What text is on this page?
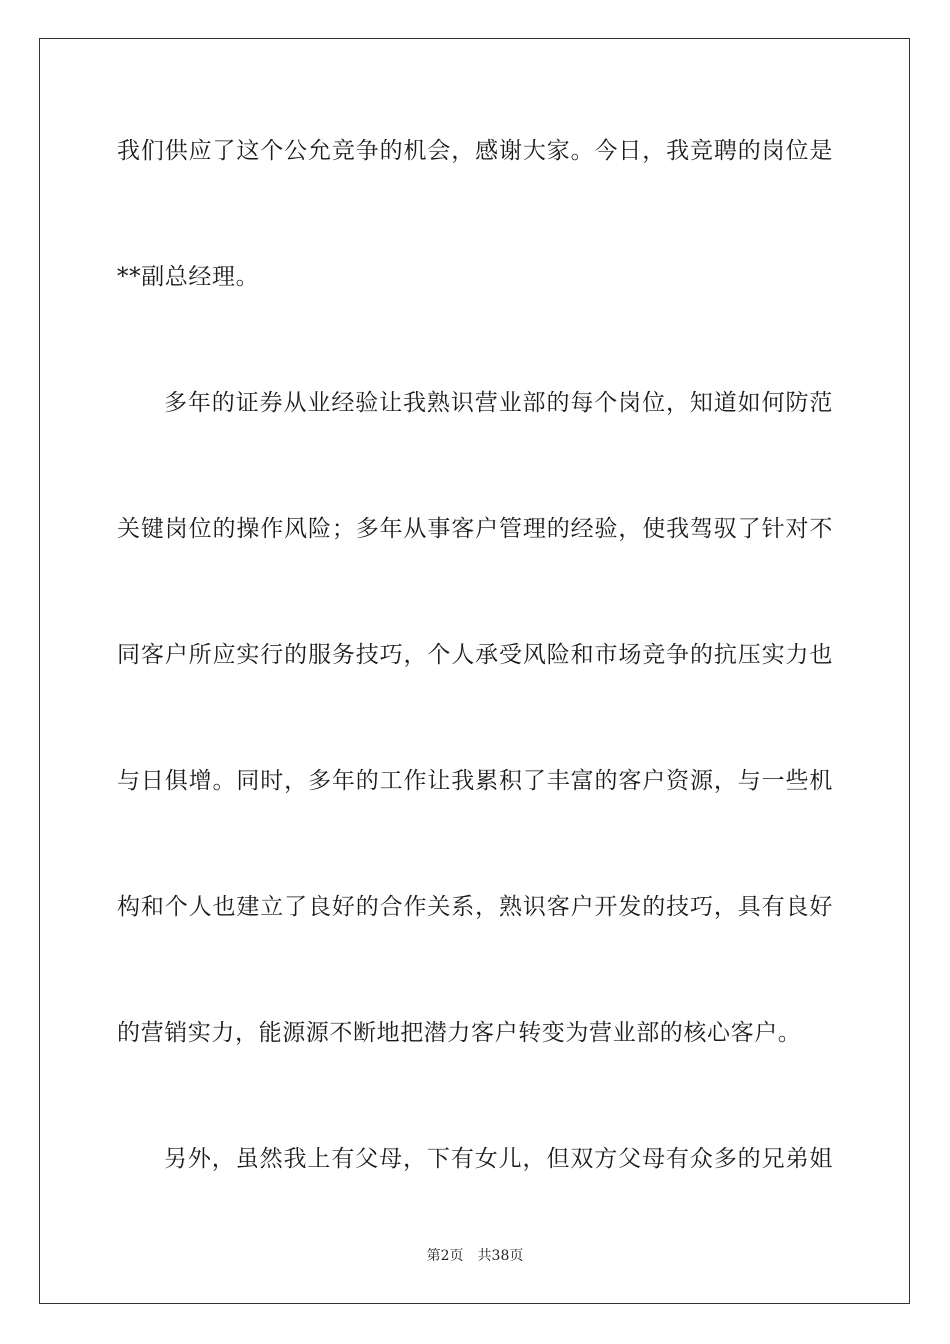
我们供应了这个公允竞争的机会，感谢大家。今日，我竞聘的岗位是
**副总经理。
多年的证券从业经验让我熟识营业部的每个岗位，知道如何防范
关键岗位的操作风险；多年从事客户管理的经验，使我驾驭了针对不
同客户所应实行的服务技巧，个人承受风险和市场竞争的抗压实力也
与日俱增。同时，多年的工作让我累积了丰富的客户资源，与一些机
构和个人也建立了良好的合作关系，熟识客户开发的技巧，具有良好
的营销实力，能源源不断地把潜力客户转变为营业部的核心客户。
另外，虽然我上有父母，下有女儿，但双方父母有众多的兄弟姐
第2页 共38页
